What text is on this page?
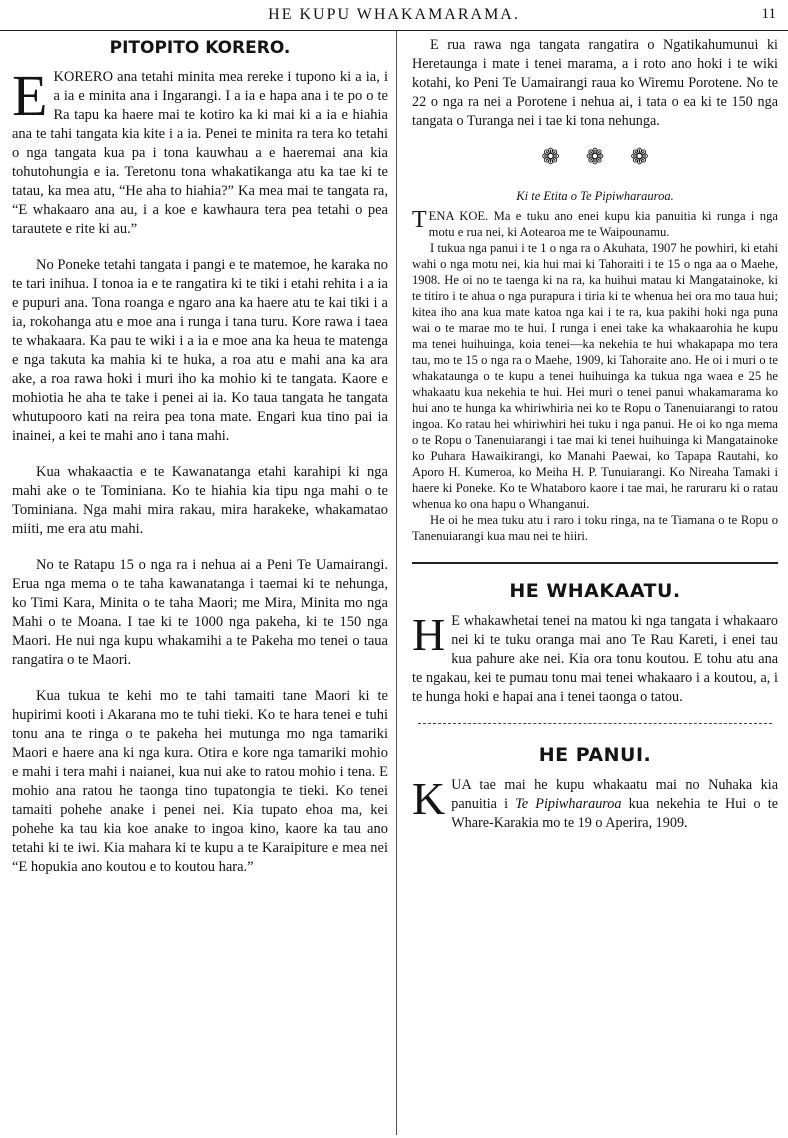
HE KUPU WHAKAMARAMA.	11
PITOPITO KORERO.

EKORERO ana tetahi minita mea rereke i tupono ki a ia, i a ia e minita ana i Ingarangi. I a ia e hapa ana i te po o te Ra tapu ka haere mai te kotiro ka ki mai ki a ia e hiahia ana te tahi tangata kia kite i a ia. Penei te minita ra tera ko tetahi o nga tangata kua pa i tona kauwhau a e haeremai ana kia tohutohungia e ia. Teretonu tona whakatikanga atu ka tae ki te tatau, ka mea atu, “He aha to hiahia?” Ka mea mai te tangata ra, “E whakaaro ana au, i a koe e kawhaura tera pea tetahi o pea tarautete e rite ki au.”

No Poneke tetahi tangata i pangi e te matemoe, he karaka no te tari inihua. I tonoa ia e te rangatira ki te tiki i etahi rehita i a ia e pupuri ana. Tona roanga e ngaro ana ka haere atu te kai tiki i a ia, rokohanga atu e moe ana i runga i tana turu. Kore rawa i taea te whakaara. Ka pau te wiki i a ia e moe ana ka heua te matenga e nga takuta ka mahia ki te huka, a roa atu e mahi ana ka ara ake, a roa rawa hoki i muri iho ka mohio ki te tangata. Kaore e mohiotia he aha te take i penei ai ia. Ko taua tangata he tangata whutupooro kati na reira pea tona mate. Engari kua tino pai ia inainei, a kei te mahi ano i tana mahi.

Kua whakaactia e te Kawanatanga etahi karahipi ki nga mahi ake o te Tominiana. Ko te hiahia kia tipu nga mahi o te Tominiana. Nga mahi mira rakau, mira harakeke, whakamatao miiti, me era atu mahi.

No te Ratapu 15 o nga ra i nehua ai a Peni Te Uamairangi. Erua nga mema o te taha kawanatanga i taemai ki te nehunga, ko Timi Kara, Minita o te taha Maori; me Mira, Minita mo nga Mahi o te Moana. I tae ki te 1000 nga pakeha, ki te 150 nga Maori. He nui nga kupu whakamihi a te Pakeha mo tenei o taua rangatira o te Maori.

Kua tukua te kehi mo te tahi tamaiti tane Maori ki te hupirimi kooti i Akarana mo te tuhi tieki. Ko te hara tenei e tuhi tonu ana te ringa o te pakeha hei mutunga mo nga tamariki Maori e haere ana ki nga kura. Otira e kore nga tamariki mohio e mahi i tera mahi i naianei, kua nui ake to ratou mohio i tena. E mohio ana ratou he taonga tino tupatongia te tieki. Ko tenei tamaiti pohehe anake i penei nei. Kia tupato ehoa ma, kei pohehe ka tau kia koe anake to ingoa kino, kaore ka tau ano tetahi ki te iwi. Kia mahara ki te kupu a te Karaipiture e mea nei “E hopukia ano koutou e to koutou hara.”

E rua rawa nga tangata rangatira o Ngatikahumunui ki Heretaunga i mate i tenei marama, a i roto ano hoki i te wiki kotahi, ko Peni Te Uamairangi raua ko Wiremu Porotene. No te 22 o nga ra nei a Porotene i nehua ai, i tata o ea ki te 150 nga tangata o Turanga nei i tae ki tona nehunga.

❁ ❁ ❁
Ki te Etita o Te Pipiwharauroa.

TENA KOE. Ma e tuku ano enei kupu kia panuitia ki runga i nga motu e rua nei, ki Aotearoa me te Waipounamu.

I tukua nga panui i te 1 o nga ra o Akuhata, 1907 he powhiri, ki etahi wahi o nga motu nei, kia hui mai ki Tahoraiti i te 15 o nga aa o Maehe, 1908. He oi no te taenga ki na ra, ka huihui matau ki Mangatainoke, ki te titiro i te ahua o nga purapura i tiria ki te whenua hei ora mo taua hui; kitea iho ana kua mate katoa nga kai i te ra, kua pakihi hoki nga puna wai o te marae mo te hui. I runga i enei take ka whakaarohia he kupu ma tenei huihuinga, koia tenei—ka nekehia te hui whakapapa mo tera tau, mo te 15 o nga ra o Maehe, 1909, ki Tahoraite ano. He oi i muri o te whakataunga o te kupu a tenei huihuinga ka tukua nga waea e 25 he whakaatu kua nekehia te hui. Hei muri o tenei panui whakamarama ko hui ano te hunga ka whiriwhiria nei ko te Ropu o Tanenuiarangi to ratou ingoa. Ko ratau hei whiriwhiri hei tuku i nga panui. He oi ko nga mema o te Ropu o Tanenuiarangi i tae mai ki tenei huihuinga ki Mangatainoke ko Puhara Hawaikirangi, ko Manahi Paewai, ko Tapapa Rautahi, ko Aporo H. Kumeroa, ko Meiha H. P. Tunuiarangi. Ko Nireaha Tamaki i haere ki Poneke. Ko te Whataboro kaore i tae mai, he raruraru ki o ratau whenua ko ona hapu o Whanganui.

He oi he mea tuku atu i raro i toku ringa, na te Tiamana o te Ropu o Tanenuiarangi kua mau nei te hiiri.

HE WHAKAATU.

H E whakawhetai tenei na matou ki nga tangata i whakaaro nei ki te tuku oranga mai ano Te Rau Kareti, i enei tau kua pahure ake nei. Kia ora tonu koutou. E tohu atu ana te ngakau, kei te pumau tonu mai tenei whakaaro i a koutou, a, i te hunga hoki e hapai ana i tenei taonga o tatou.

HE PANUI.

KUA tae mai he kupu whakaatu mai no Nuhaka kia panuitia i Te Pipiwharauroa kua nekehia te Hui o te Whare-Karakia mo te 19 o Aperira, 1909.
